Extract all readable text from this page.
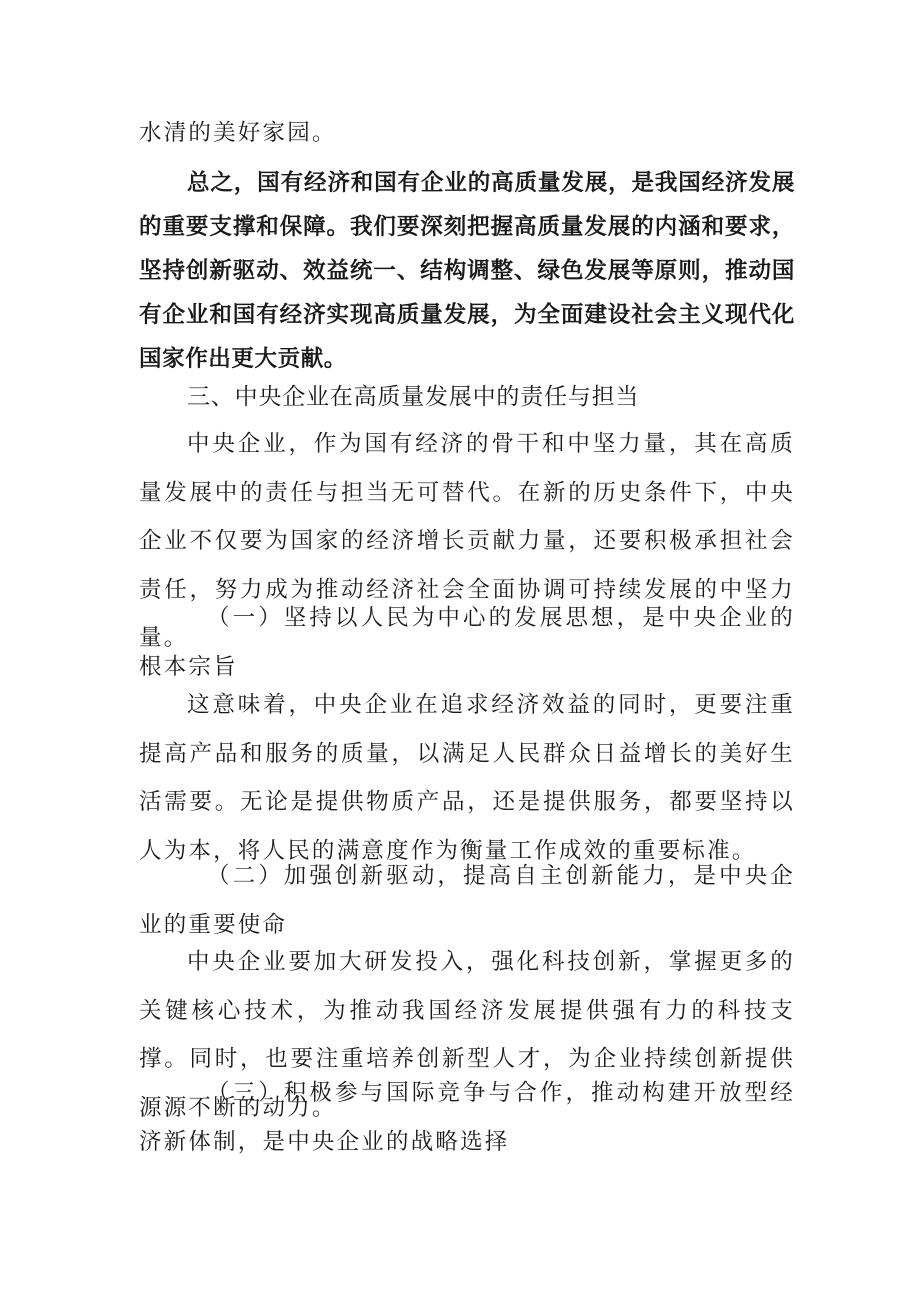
水清的美好家园。

总之，国有经济和国有企业的高质量发展，是我国经济发展的重要支撑和保障。我们要深刻把握高质量发展的内涵和要求，坚持创新驱动、效益统一、结构调整、绿色发展等原则，推动国有企业和国有经济实现高质量发展，为全面建设社会主义现代化国家作出更大贡献。

三、中央企业在高质量发展中的责任与担当

中央企业，作为国有经济的骨干和中坚力量，其在高质量发展中的责任与担当无可替代。在新的历史条件下，中央企业不仅要为国家的经济增长贡献力量，还要积极承担社会责任，努力成为推动经济社会全面协调可持续发展的中坚力量。

（一）坚持以人民为中心的发展思想，是中央企业的根本宗旨

这意味着，中央企业在追求经济效益的同时，更要注重提高产品和服务的质量，以满足人民群众日益增长的美好生活需要。无论是提供物质产品，还是提供服务，都要坚持以人为本，将人民的满意度作为衡量工作成效的重要标准。

（二）加强创新驱动，提高自主创新能力，是中央企业的重要使命

中央企业要加大研发投入，强化科技创新，掌握更多的关键核心技术，为推动我国经济发展提供强有力的科技支撑。同时，也要注重培养创新型人才，为企业持续创新提供源源不断的动力。

（三）积极参与国际竞争与合作，推动构建开放型经济新体制，是中央企业的战略选择
